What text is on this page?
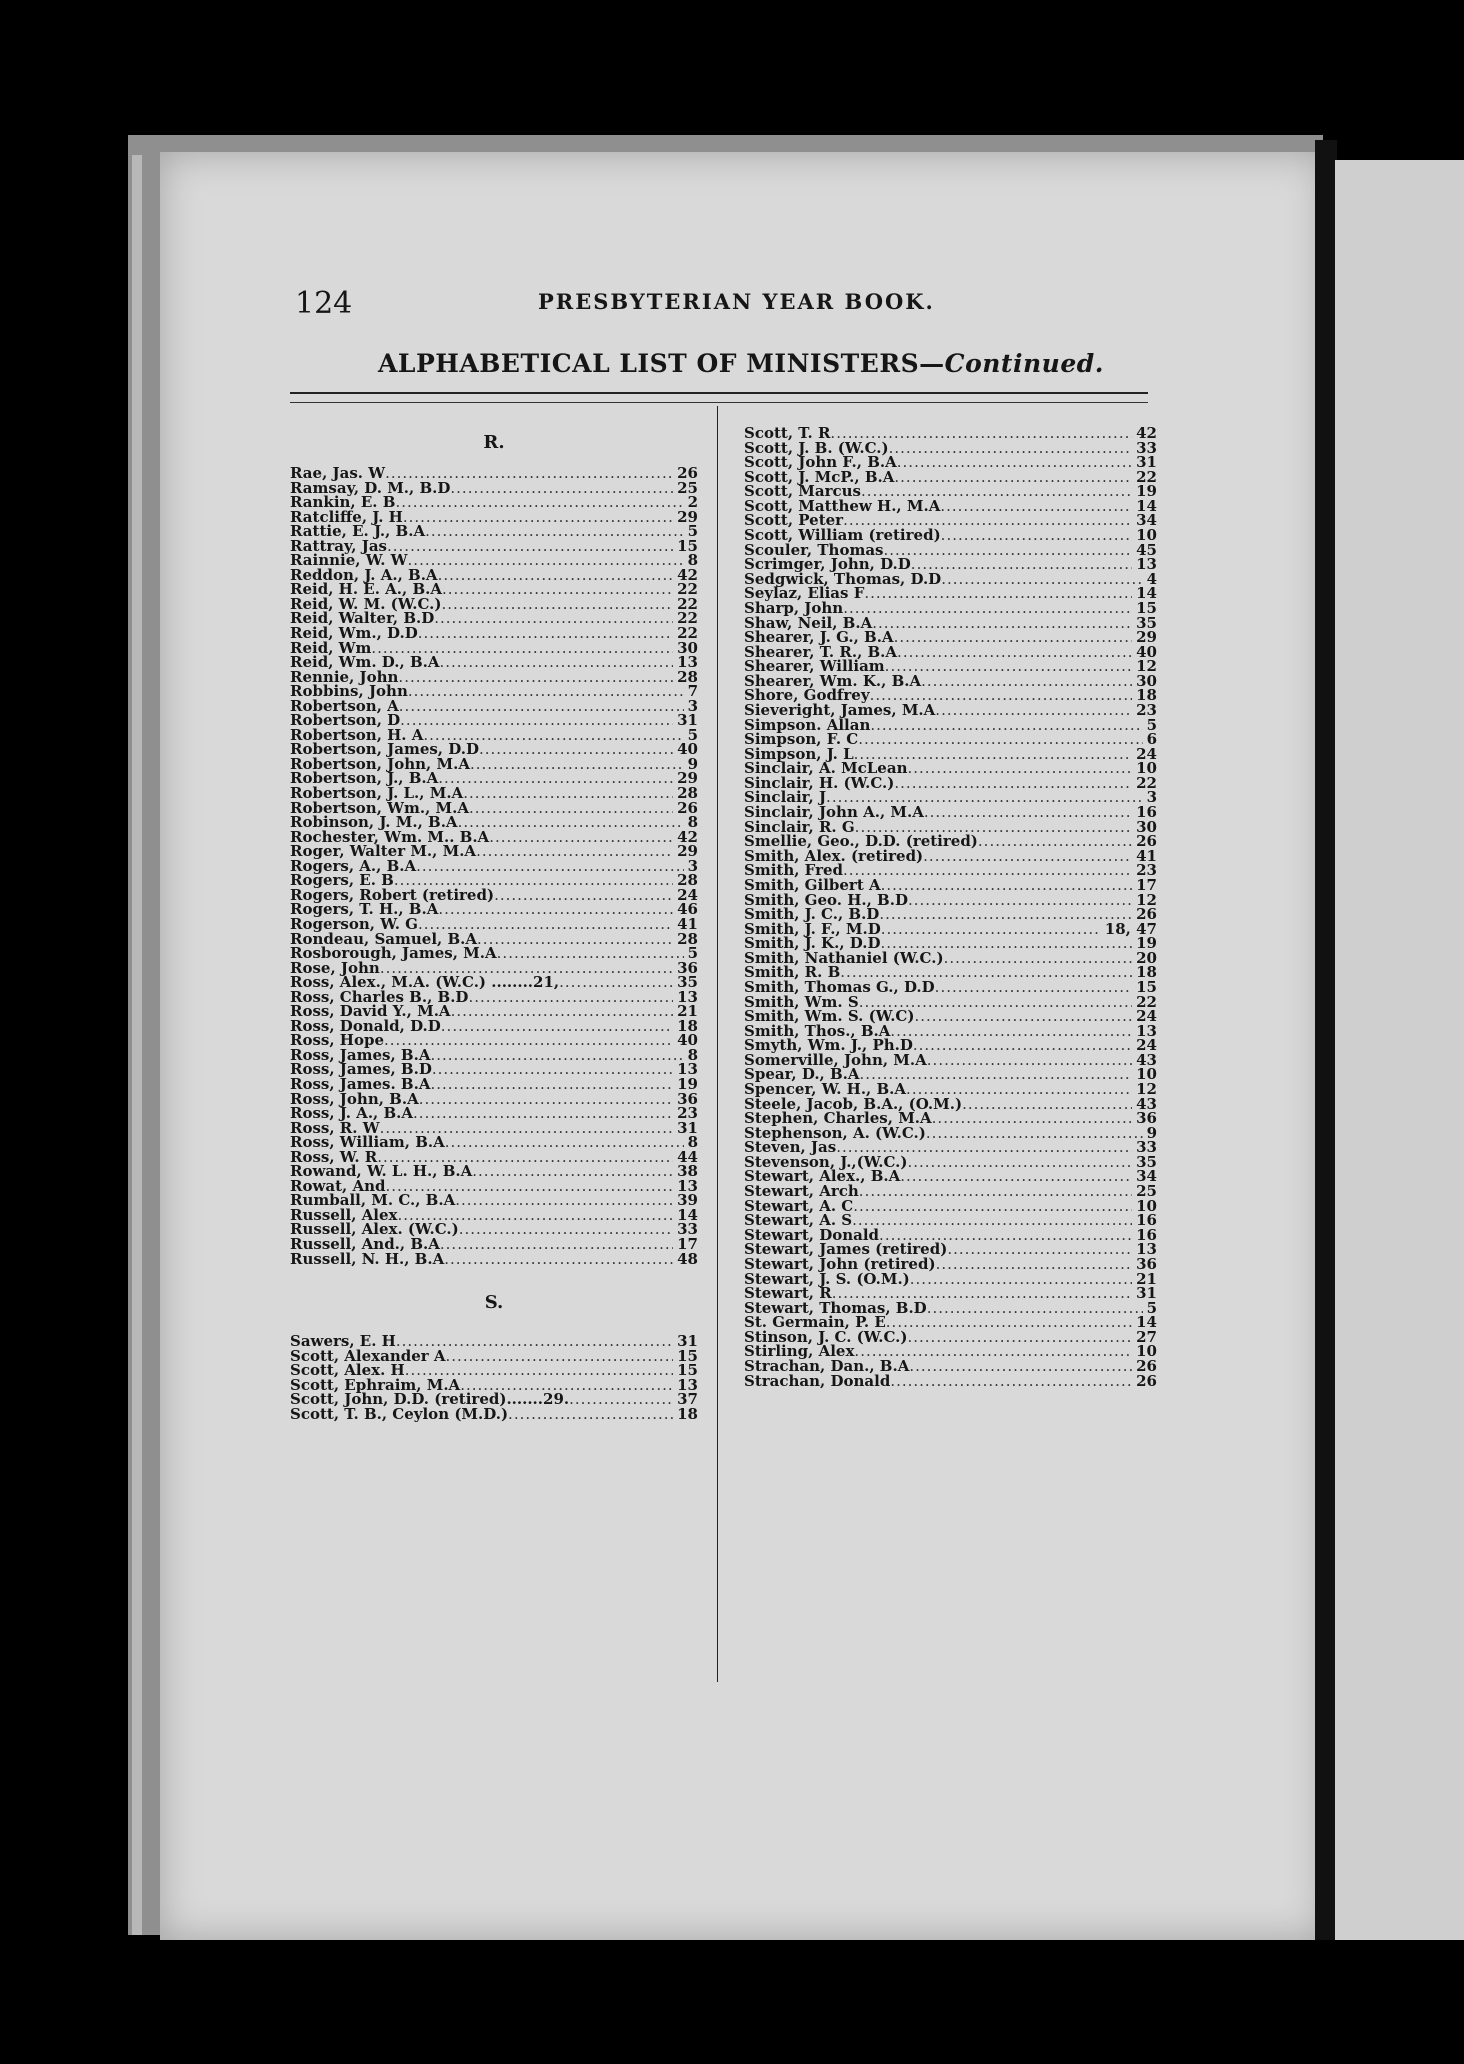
124	PRESBYTERIAN YEAR BOOK.
ALPHABETICAL LIST OF MINISTERS—Continued.
R.
Rae, Jas. W .....	26
Ramsay, D. M., B.D .....	25
Rankin, E. B .....	2
Ratcliffe, J. H .....	29
Rattie, E. J., B.A .....	5
Rattray, Jas .....	15
Rainnie, W. W .....	8
Reddon, J. A., B.A .....	42
Reid, H. E. A., B.A .....	22
Reid, W. M. (W.C.) .....	22
Reid, Walter, B.D .....	22
Reid, Wm., D.D .....	22
Reid, Wm .....	30
Reid, Wm. D., B.A .....	13
Rennie, John .....	28
Robbins, John .....	7
Robertson, A .....	3
Robertson, D .....	31
Robertson, H. A .....	5
Robertson, James, D.D .....	40
Robertson, John, M.A .....	9
Robertson, J., B.A .....	29
Robertson, J. L., M.A .....	28
Robertson, Wm., M.A .....	26
Robinson, J. M., B.A .....	8
Rochester, Wm. M.. B.A .....	42
Roger, Walter M., M.A .....	29
Rogers, A., B.A .....	3
Rogers, E. B .....	28
Rogers, Robert (retired) .....	24
Rogers, T. H., B.A .....	46
Rogerson, W. G .....	41
Rondeau, Samuel, B.A .....	28
Rosborough, James, M.A .....	5
Rose, John .....	36
Ross, Alex., M.A. (W.C.) ........21, .....	35
Ross, Charles B., B.D .....	13
Ross, David Y., M.A .....	21
Ross, Donald, D.D .....	18
Ross, Hope .....	40
Ross, James, B.A .....	8
Ross, James, B.D .....	13
Ross, James. B.A .....	19
Ross, John, B.A .....	36
Ross, J. A., B.A .....	23
Ross, R. W .....	31
Ross, William, B.A .....	8
Ross, W. R .....	44
Rowand, W. L. H., B.A .....	38
Rowat, And .....	13
Rumball, M. C., B.A .....	39
Russell, Alex .....	14
Russell, Alex. (W.C.) .....	33
Russell, And., B.A .....	17
Russell, N. H., B.A .....	48
S.
Sawers, E. H .....	31
Scott, Alexander A .....	15
Scott, Alex. H .....	15
Scott, Ephraim, M.A .....	13
Scott, John, D.D. (retired).......29. .....	37
Scott, T. B., Ceylon (M.D.) .....	18
Scott, T. R .....	42
Scott, J. B. (W.C.) .....	33
Scott, John F., B.A .....	31
Scott, J. McP., B.A .....	22
Scott, Marcus .....	19
Scott, Matthew H., M.A .....	14
Scott, Peter .....	34
Scott, William (retired) .....	10
Scouler, Thomas .....	45
Scrimger, John, D.D .....	13
Sedgwick, Thomas, D.D .....	4
Seylaz, Elias F .....	14
Sharp, John .....	15
Shaw, Neil, B.A .....	35
Shearer, J. G., B.A .....	29
Shearer, T. R., B.A .....	40
Shearer, William .....	12
Shearer, Wm. K., B.A .....	30
Shore, Godfrey .....	18
Sieveright, James, M.A .....	23
Simpson. Allan .....	5
Simpson, F. C .....	6
Simpson, J. L .....	24
Sinclair, A. McLean .....	10
Sinclair, H. (W.C.) .....	22
Sinclair, J .....	3
Sinclair, John A., M.A .....	16
Sinclair, R. G .....	30
Smellie, Geo., D.D. (retired) .....	26
Smith, Alex. (retired) .....	41
Smith, Fred .....	23
Smith, Gilbert A .....	17
Smith, Geo. H., B.D .....	12
Smith, J. C., B.D .....	26
Smith, J. F., M.D .....	18, 47
Smith, J. K., D.D .....	19
Smith, Nathaniel (W.C.) .....	20
Smith, R. B .....	18
Smith, Thomas G., D.D .....	15
Smith, Wm. S .....	22
Smith, Wm. S. (W.C) .....	24
Smith, Thos., B.A .....	13
Smyth, Wm. J., Ph.D .....	24
Somerville, John, M.A .....	43
Spear, D., B.A .....	10
Spencer, W. H., B.A .....	12
Steele, Jacob, B.A., (O.M.) .....	43
Stephen, Charles, M.A .....	36
Stephenson, A. (W.C.) .....	9
Steven, Jas .....	33
Stevenson, J.,(W.C.) .....	35
Stewart, Alex., B.A .....	34
Stewart, Arch .....	25
Stewart, A. C .....	10
Stewart, A. S .....	16
Stewart, Donald .....	16
Stewart, James (retired) .....	13
Stewart, John (retired) .....	36
Stewart, J. S. (O.M.) .....	21
Stewart, R .....	31
Stewart, Thomas, B.D .....	5
St. Germain, P. E .....	14
Stinson, J. C. (W.C.) .....	27
Stirling, Alex .....	10
Strachan, Dan., B.A .....	26
Strachan, Donald .....	26
